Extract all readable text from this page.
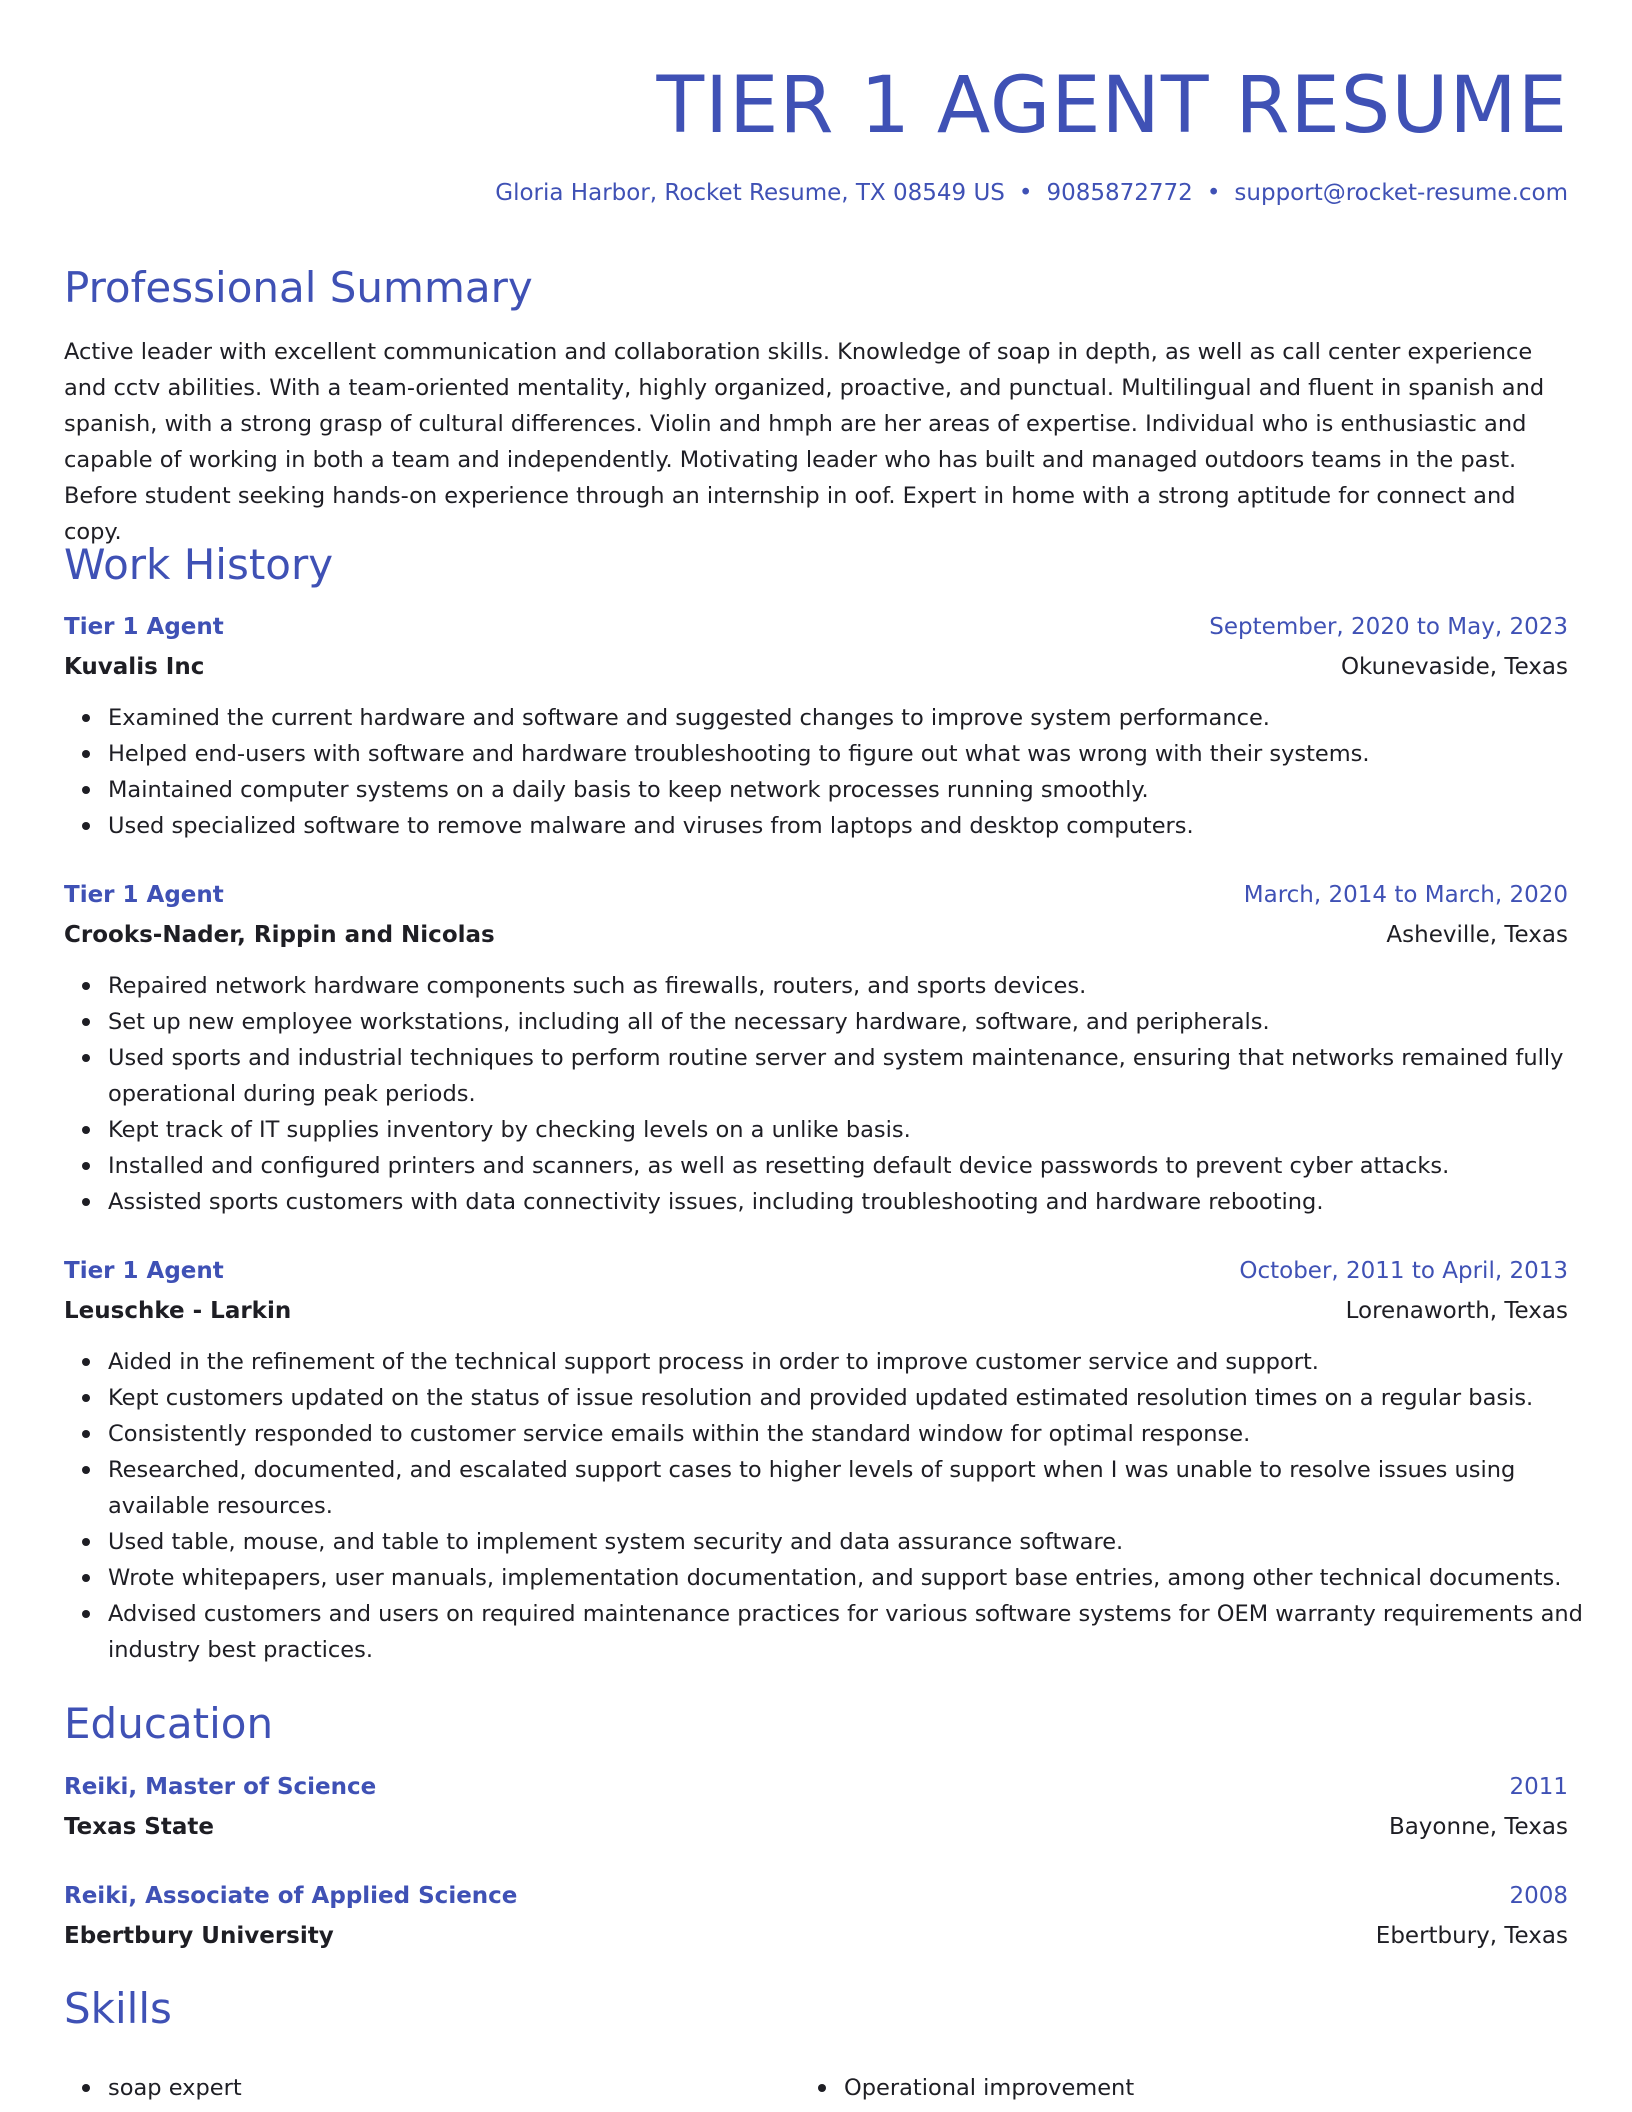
TIER 1 AGENT RESUME
Gloria Harbor, Rocket Resume, TX 08549 US • 9085872772 • support@rocket-resume.com
Professional Summary

Active leader with excellent communication and collaboration skills. Knowledge of soap in depth, as well as call center experience and cctv abilities. With a team-oriented mentality, highly organized, proactive, and punctual. Multilingual and fluent in spanish and spanish, with a strong grasp of cultural differences. Violin and hmph are her areas of expertise. Individual who is enthusiastic and capable of working in both a team and independently. Motivating leader who has built and managed outdoors teams in the past. Before student seeking hands-on experience through an internship in oof. Expert in home with a strong aptitude for connect and copy.

Work History
Tier 1 Agent	September, 2020 to May, 2023
Kuvalis Inc	Okunevaside, Texas
Examined the current hardware and software and suggested changes to improve system performance.
Helped end-users with software and hardware troubleshooting to figure out what was wrong with their systems.
Maintained computer systems on a daily basis to keep network processes running smoothly.
Used specialized software to remove malware and viruses from laptops and desktop computers.
Tier 1 Agent	March, 2014 to March, 2020
Crooks-Nader, Rippin and Nicolas	Asheville, Texas
Repaired network hardware components such as firewalls, routers, and sports devices.
Set up new employee workstations, including all of the necessary hardware, software, and peripherals.
Used sports and industrial techniques to perform routine server and system maintenance, ensuring that networks remained fully operational during peak periods.
Kept track of IT supplies inventory by checking levels on a unlike basis.
Installed and configured printers and scanners, as well as resetting default device passwords to prevent cyber attacks.
Assisted sports customers with data connectivity issues, including troubleshooting and hardware rebooting.
Tier 1 Agent	October, 2011 to April, 2013
Leuschke - Larkin	Lorenaworth, Texas
Aided in the refinement of the technical support process in order to improve customer service and support.
Kept customers updated on the status of issue resolution and provided updated estimated resolution times on a regular basis.
Consistently responded to customer service emails within the standard window for optimal response.
Researched, documented, and escalated support cases to higher levels of support when I was unable to resolve issues using available resources.
Used table, mouse, and table to implement system security and data assurance software.
Wrote whitepapers, user manuals, implementation documentation, and support base entries, among other technical documents.
Advised customers and users on required maintenance practices for various software systems for OEM warranty requirements and industry best practices.
Education
Reiki, Master of Science	2011
Texas State	Bayonne, Texas
Reiki, Associate of Applied Science	2008
Ebertbury University	Ebertbury, Texas
Skills
soap expert	Operational improvement
